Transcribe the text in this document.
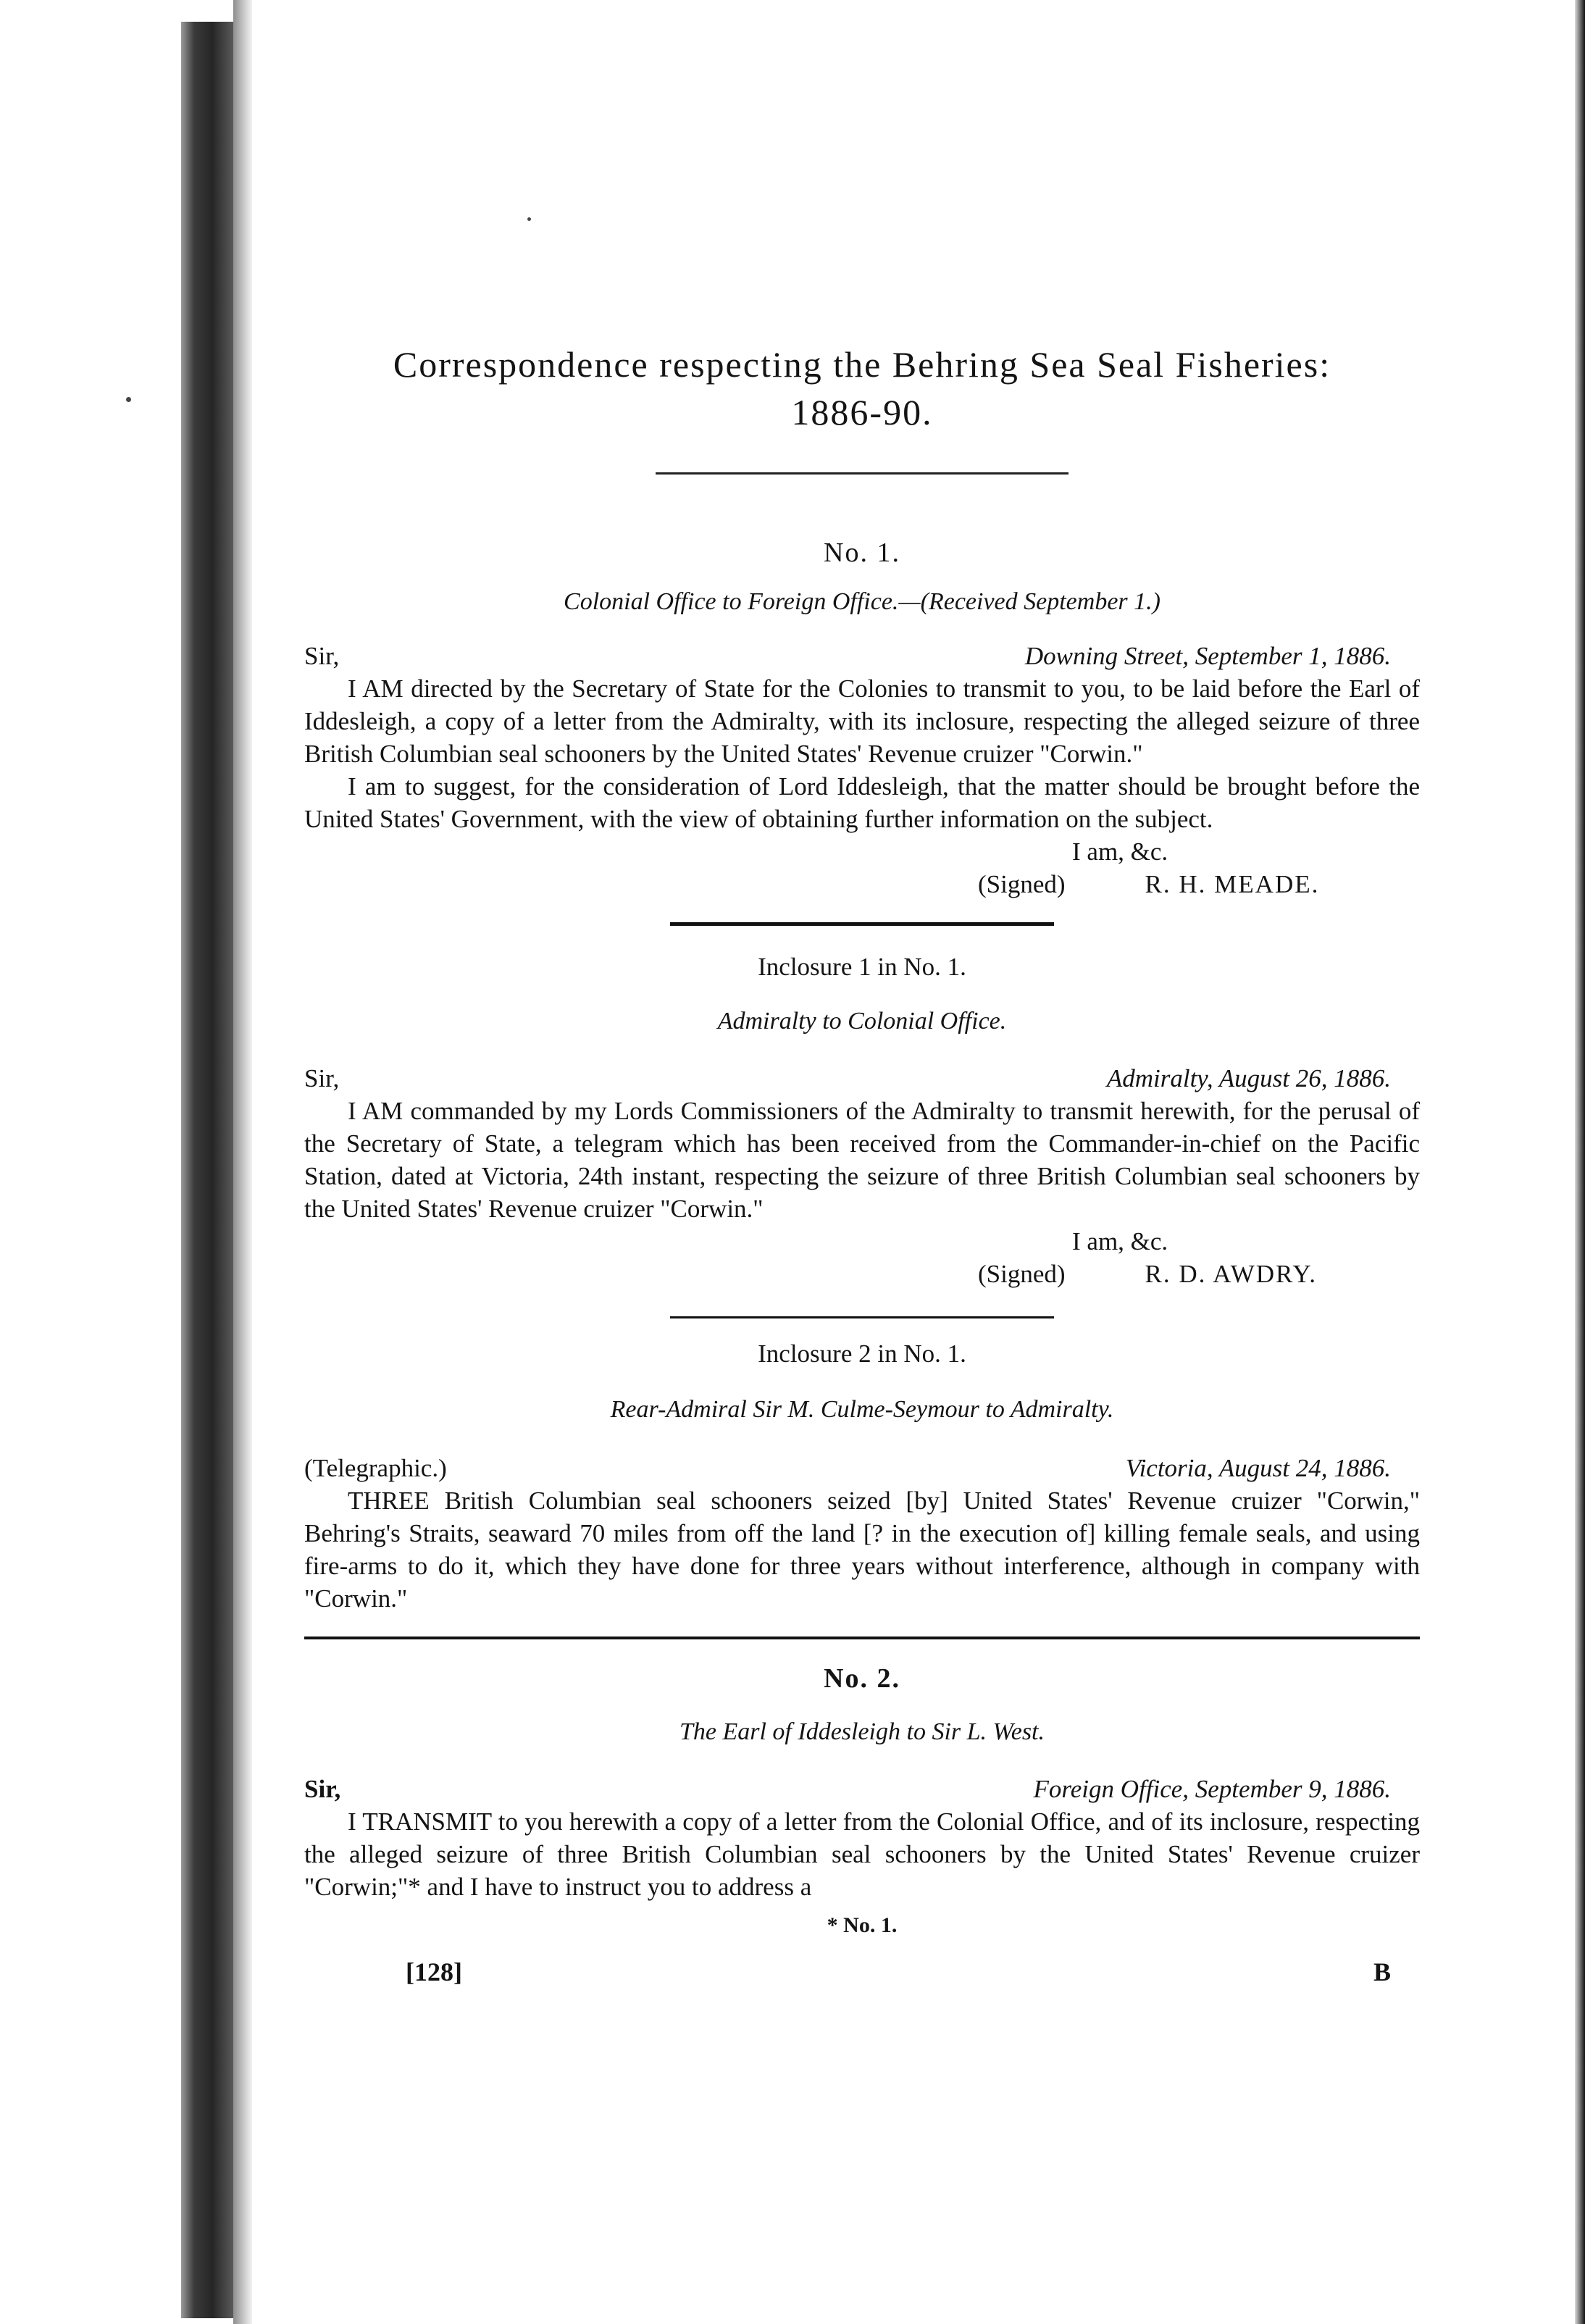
Correspondence respecting the Behring Sea Seal Fisheries:
1886-90.

No. 1.

Colonial Office to Foreign Office.—(Received September 1.)

Sir,	Downing Street, September 1, 1886.

I AM directed by the Secretary of State for the Colonies to transmit to you, to be laid before the Earl of Iddesleigh, a copy of a letter from the Admiralty, with its inclosure, respecting the alleged seizure of three British Columbian seal schooners by the United States' Revenue cruizer "Corwin."

I am to suggest, for the consideration of Lord Iddesleigh, that the matter should be brought before the United States' Government, with the view of obtaining further information on the subject.

I am, &c.

(Signed)	R. H. MEADE.

Inclosure 1 in No. 1.

Admiralty to Colonial Office.

Sir,	Admiralty, August 26, 1886.

I AM commanded by my Lords Commissioners of the Admiralty to transmit herewith, for the perusal of the Secretary of State, a telegram which has been received from the Commander-in-chief on the Pacific Station, dated at Victoria, 24th instant, respecting the seizure of three British Columbian seal schooners by the United States' Revenue cruizer "Corwin."

I am, &c.

(Signed)	R. D. AWDRY.

Inclosure 2 in No. 1.

Rear-Admiral Sir M. Culme-Seymour to Admiralty.

(Telegraphic.)	Victoria, August 24, 1886.

THREE British Columbian seal schooners seized [by] United States' Revenue cruizer "Corwin," Behring's Straits, seaward 70 miles from off the land [? in the execution of] killing female seals, and using fire-arms to do it, which they have done for three years without interference, although in company with "Corwin."

No. 2.

The Earl of Iddesleigh to Sir L. West.

Sir,	Foreign Office, September 9, 1886.

I TRANSMIT to you herewith a copy of a letter from the Colonial Office, and of its inclosure, respecting the alleged seizure of three British Columbian seal schooners by the United States' Revenue cruizer "Corwin;"* and I have to instruct you to address a

* No. 1.

[128]	B
